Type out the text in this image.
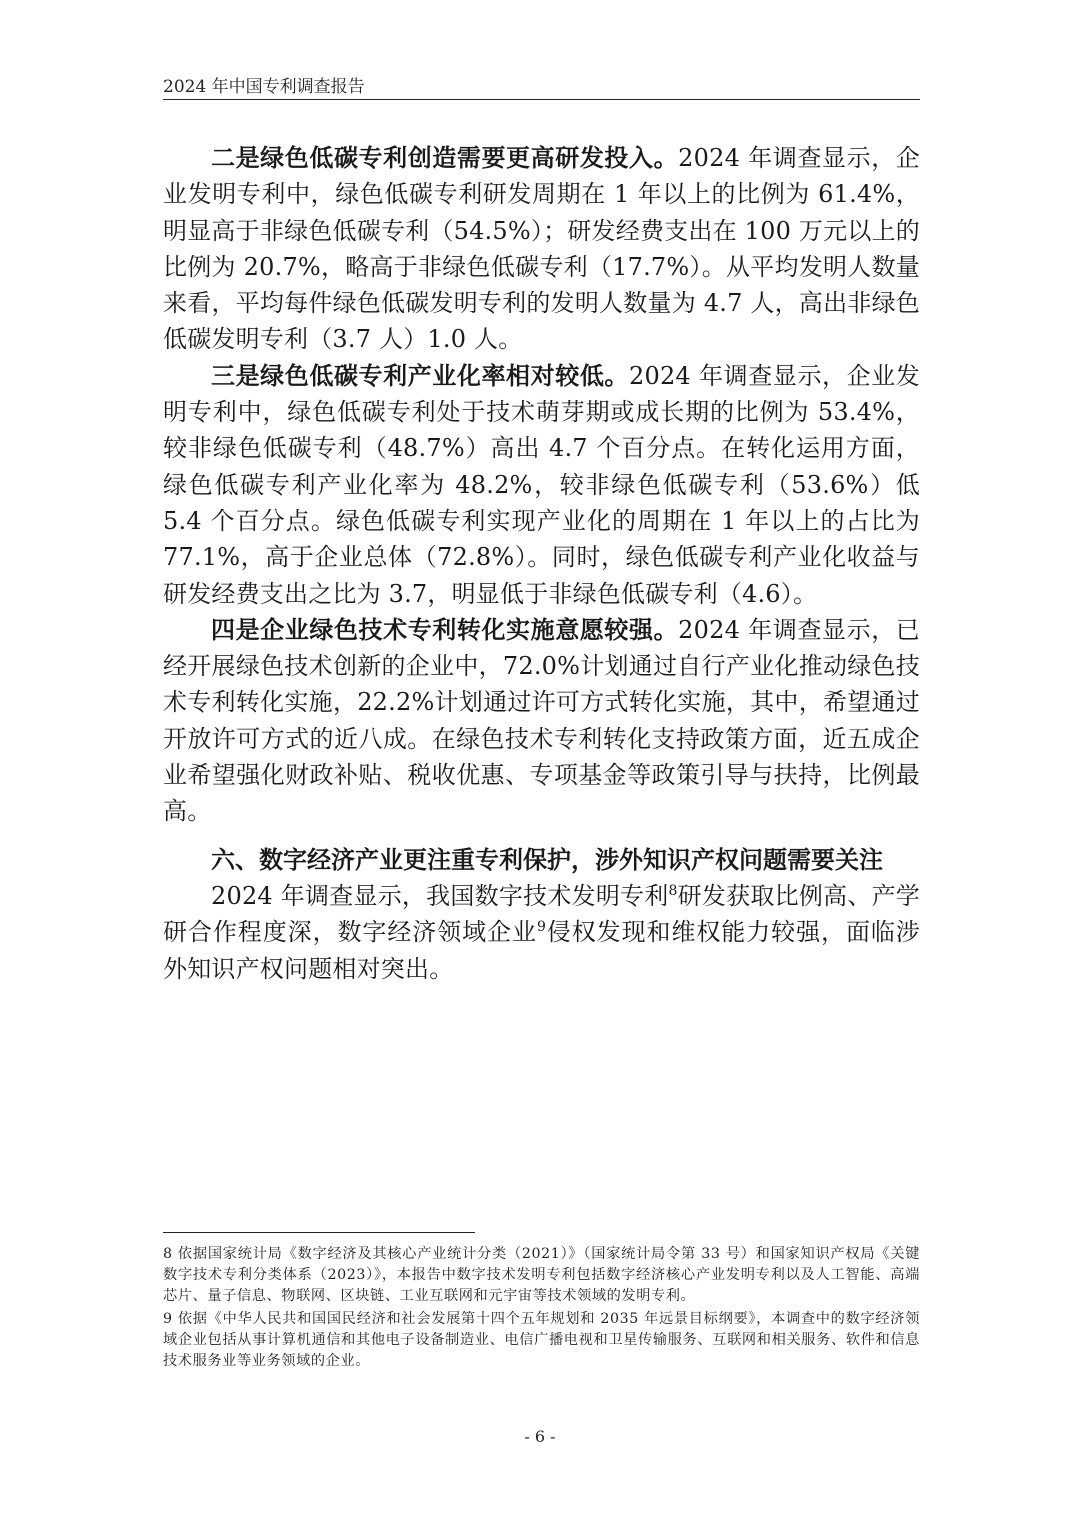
2024 年中国专利调查报告

二是绿色低碳专利创造需要更高研发投入。2024 年调查显示，企业发明专利中，绿色低碳专利研发周期在 1 年以上的比例为 61.4%，明显高于非绿色低碳专利（54.5%）；研发经费支出在 100 万元以上的比例为 20.7%，略高于非绿色低碳专利（17.7%）。从平均发明人数量来看，平均每件绿色低碳发明专利的发明人数量为 4.7 人，高出非绿色低碳发明专利（3.7 人）1.0 人。

三是绿色低碳专利产业化率相对较低。2024 年调查显示，企业发明专利中，绿色低碳专利处于技术萌芽期或成长期的比例为 53.4%，较非绿色低碳专利（48.7%）高出 4.7 个百分点。在转化运用方面，绿色低碳专利产业化率为 48.2%，较非绿色低碳专利（53.6%）低 5.4 个百分点。绿色低碳专利实现产业化的周期在 1 年以上的占比为 77.1%，高于企业总体（72.8%）。同时，绿色低碳专利产业化收益与研发经费支出之比为 3.7，明显低于非绿色低碳专利（4.6）。

四是企业绿色技术专利转化实施意愿较强。2024 年调查显示，已经开展绿色技术创新的企业中，72.0%计划通过自行产业化推动绿色技术专利转化实施，22.2%计划通过许可方式转化实施，其中，希望通过开放许可方式的近八成。在绿色技术专利转化支持政策方面，近五成企业希望强化财政补贴、税收优惠、专项基金等政策引导与扶持，比例最高。

六、数字经济产业更注重专利保护，涉外知识产权问题需要关注

2024 年调查显示，我国数字技术发明专利$^8$研发获取比例高、产学研合作程度深，数字经济领域企业$^9$侵权发现和维权能力较强，面临涉外知识产权问题相对突出。

8 依据国家统计局《数字经济及其核心产业统计分类（2021）》（国家统计局令第 33 号）和国家知识产权局《关键数字技术专利分类体系（2023）》，本报告中数字技术发明专利包括数字经济核心产业发明专利以及人工智能、高端芯片、量子信息、物联网、区块链、工业互联网和元宇宙等技术领域的发明专利。

9 依据《中华人民共和国国民经济和社会发展第十四个五年规划和 2035 年远景目标纲要》，本调查中的数字经济领域企业包括从事计算机通信和其他电子设备制造业、电信广播电视和卫星传输服务、互联网和相关服务、软件和信息技术服务业等业务领域的企业。

- 6 -
